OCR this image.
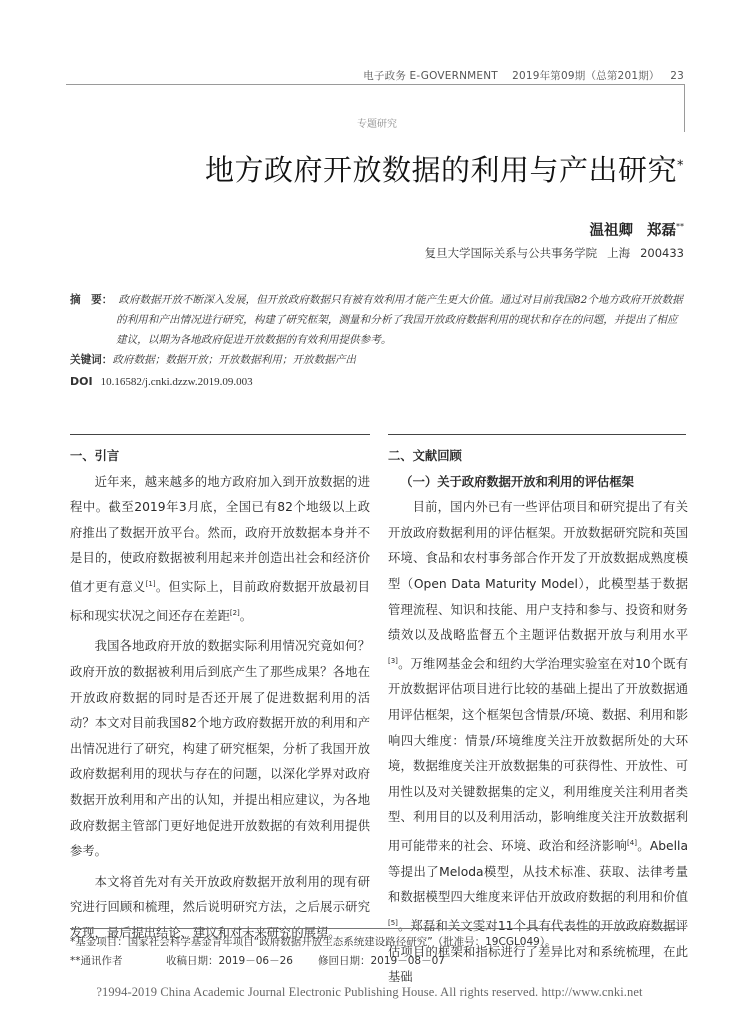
电子政务 E-GOVERNMENT 2019年第09期（总第201期） 23
专题研究
地方政府开放数据的利用与产出研究*
温祖卿 郑磊**
复旦大学国际关系与公共事务学院 上海 200433
摘　要： 政府数据开放不断深入发展，但开放政府数据只有被有效利用才能产生更大价值。通过对目前我国82个地方政府开放数据的利用和产出情况进行研究，构建了研究框架，测量和分析了我国开放政府数据利用的现状和存在的问题，并提出了相应建议，以期为各地政府促进开放数据的有效利用提供参考。
关键词：政府数据；数据开放；开放数据利用；开放数据产出
DOI 10.16582/j.cnki.dzzw.2019.09.003
一、引言

近年来，越来越多的地方政府加入到开放数据的进程中。截至2019年3月底，全国已有82个地级以上政府推出了数据开放平台。然而，政府开放数据本身并不是目的，使政府数据被利用起来并创造出社会和经济价值才更有意义[1]。但实际上，目前政府数据开放最初目标和现实状况之间还存在差距[2]。

我国各地政府开放的数据实际利用情况究竟如何？政府开放的数据被利用后到底产生了那些成果？各地在开放政府数据的同时是否还开展了促进数据利用的活动？本文对目前我国82个地方政府数据开放的利用和产出情况进行了研究，构建了研究框架，分析了我国开放政府数据利用的现状与存在的问题，以深化学界对政府数据开放利用和产出的认知，并提出相应建议，为各地政府数据主管部门更好地促进开放数据的有效利用提供参考。

本文将首先对有关开放政府数据开放利用的现有研究进行回顾和梳理，然后说明研究方法，之后展示研究发现，最后提出结论、建议和对未来研究的展望。

二、文献回顾
（一）关于政府数据开放和利用的评估框架

目前，国内外已有一些评估项目和研究提出了有关开放政府数据利用的评估框架。开放数据研究院和英国环境、食品和农村事务部合作开发了开放数据成熟度模型（Open Data Maturity Model），此模型基于数据管理流程、知识和技能、用户支持和参与、投资和财务绩效以及战略监督五个主题评估数据开放与利用水平[3]。万维网基金会和纽约大学治理实验室在对10个既有开放数据评估项目进行比较的基础上提出了开放数据通用评估框架，这个框架包含情景/环境、数据、利用和影响四大维度：情景/环境维度关注开放数据所处的大环境，数据维度关注开放数据集的可获得性、开放性、可用性以及对关键数据集的定义，利用维度关注利用者类型、利用目的以及利用活动，影响维度关注开放数据利用可能带来的社会、环境、政治和经济影响[4]。Abella等提出了Meloda模型，从技术标准、获取、法律考量和数据模型四大维度来评估开放政府数据的利用和价值[5]。郑磊和关文雯对11个具有代表性的开放政府数据评估项目的框架和指标进行了差异比对和系统梳理，在此基础

*基金项目：国家社会科学基金青年项目“政府数据开放生态系统建设路径研究”（批准号：19CGL049）。
**通讯作者	收稿日期：2019－06－26 修回日期：2019－08－07
?1994-2019 China Academic Journal Electronic Publishing House. All rights reserved. http://www.cnki.net
